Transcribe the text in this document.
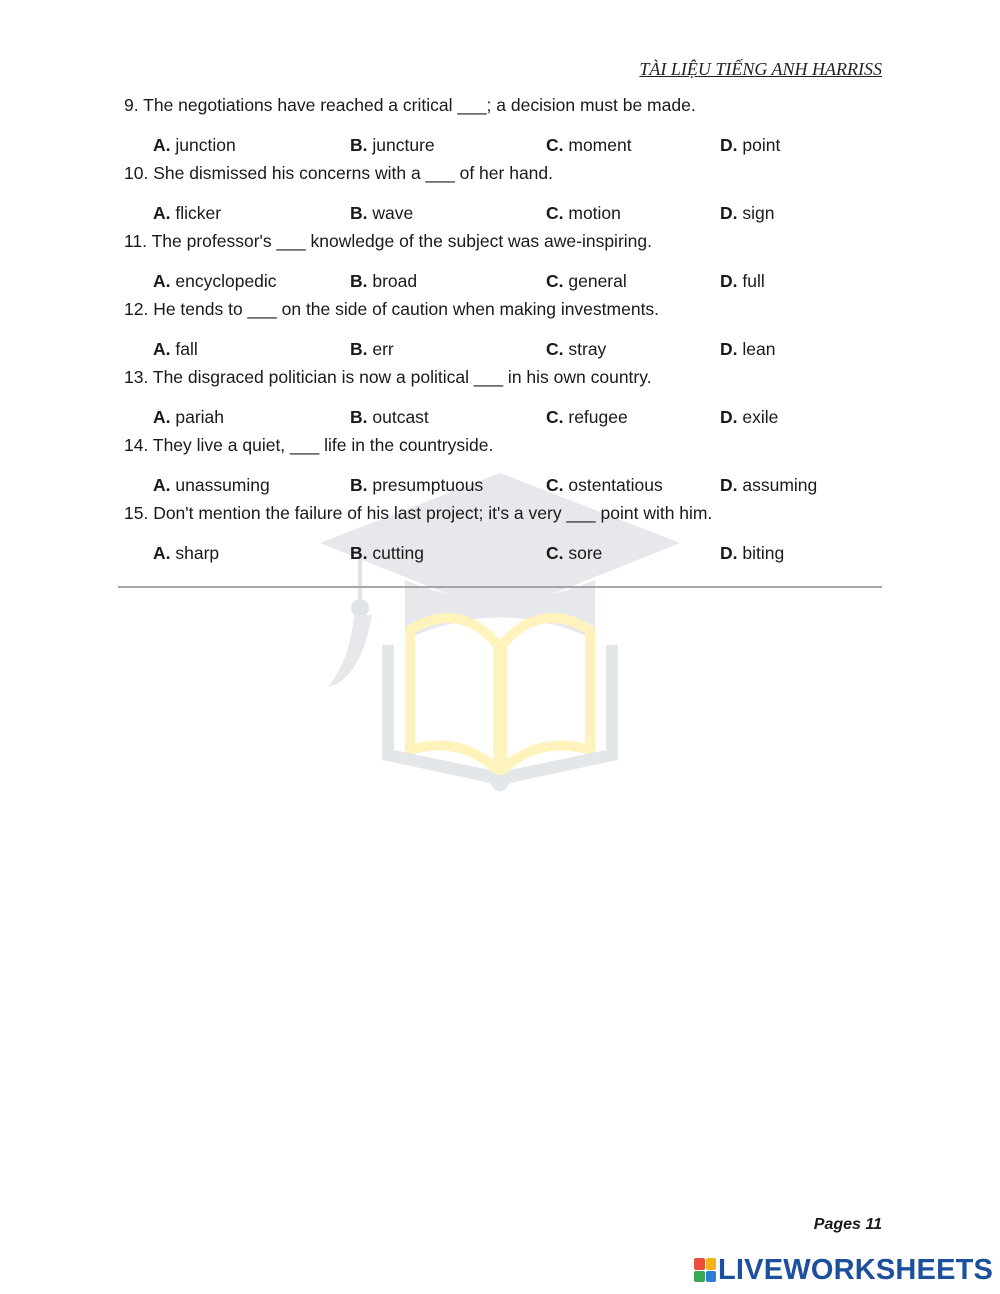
TÀI LIỆU TIẾNG ANH HARRISS
9. The negotiations have reached a critical ___; a decision must be made.
A. junction	B. juncture	C. moment	D. point
10. She dismissed his concerns with a ___ of her hand.
A. flicker	B. wave	C. motion	D. sign
11. The professor's ___ knowledge of the subject was awe-inspiring.
A. encyclopedic	B. broad	C. general	D. full
12. He tends to ___ on the side of caution when making investments.
A. fall	B. err	C. stray	D. lean
13. The disgraced politician is now a political ___ in his own country.
A. pariah	B. outcast	C. refugee	D. exile
14. They live a quiet, ___ life in the countryside.
A. unassuming	B. presumptuous	C. ostentatious	D. assuming
15. Don't mention the failure of his last project; it's a very ___ point with him.
A. sharp	B. cutting	C. sore	D. biting
Pages 11
LIVEWORKSHEETS
